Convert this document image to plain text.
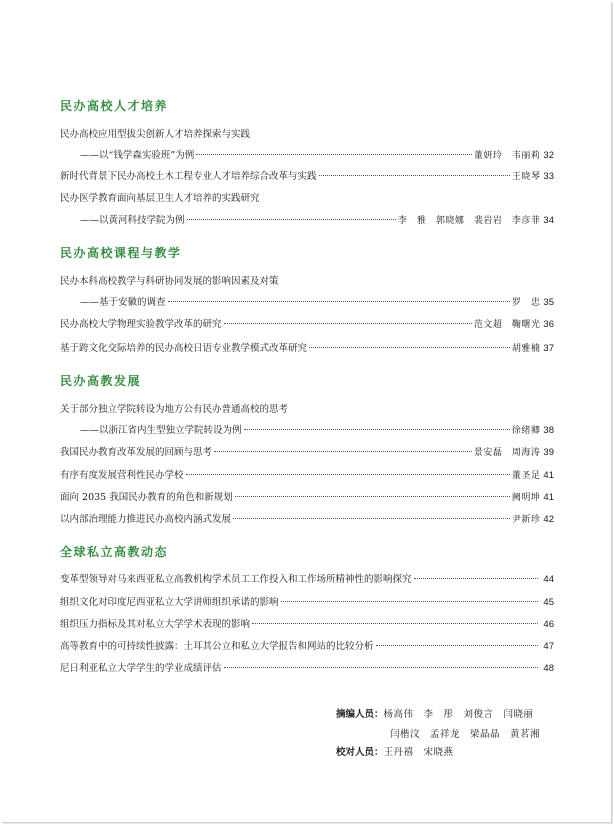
民办高校人才培养
民办高校应用型拔尖创新人才培养探索与实践
——以“钱学森实验班”为例	董妍玲　韦丽莉 32
新时代背景下民办高校土木工程专业人才培养综合改革与实践	王晓琴 33
民办医学教育面向基层卫生人才培养的实践研究
——以黄河科技学院为例	李　雅　郭晓娜　裴岩岩　李彦菲 34
民办高校课程与教学
民办本科高校教学与科研协同发展的影响因素及对策
——基于安徽的调查	罗　忠 35
民办高校大学物理实验教学改革的研究	范文超　鞠曙光 36
基于跨文化交际培养的民办高校日语专业教学模式改革研究	胡雅楠 37
民办高教发展
关于部分独立学院转设为地方公有民办普通高校的思考
——以浙江省内生型独立学院转设为例	徐绪卿 38
我国民办教育改革发展的回顾与思考	景安磊　周海涛 39
有序有度发展营利性民办学校	董圣足 41
面向 2035 我国民办教育的角色和新规划	阙明坤 41
以内部治理能力推进民办高校内涵式发展	尹新珍 42
全球私立高教动态
变革型领导对马来西亚私立高教机构学术员工工作投入和工作场所精神性的影响探究	44
组织文化对印度尼西亚私立大学讲师组织承诺的影响	45
组织压力指标及其对私立大学学术表现的影响	46
高等教育中的可持续性披露：土耳其公立和私立大学报告和网站的比较分析	47
尼日利亚私立大学学生的学业成绩评估	48
摘编人员：杨高伟　李　彤　刘俊言　闫晓丽
闫楷汶　孟祥龙　梁晶晶　黄茗湘
校对人员：王丹禧　宋晓燕
